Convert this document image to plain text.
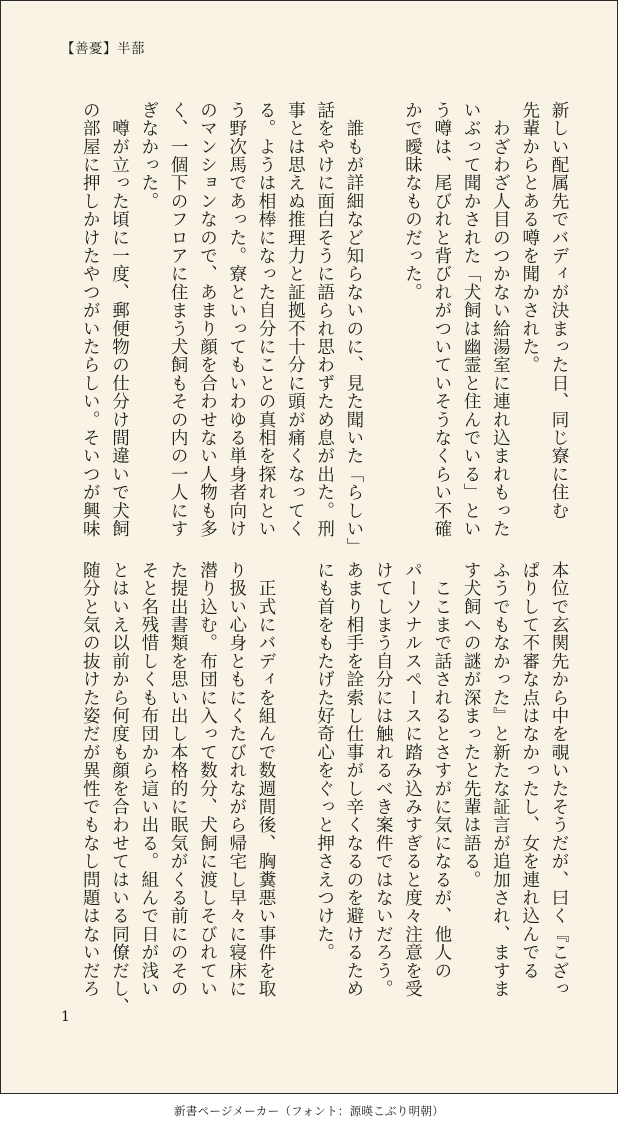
【善憂】半蔀
新しい配属先でバディが決まった日、同じ寮に住む
先輩からとある噂を聞かされた。
　わざわざ人目のつかない給湯室に連れ込まれもった
いぶって聞かされた「犬飼は幽霊と住んでいる」とい
う噂は、尾びれと背びれがついていそうなくらい不確
かで曖昧なものだった。

　誰もが詳細など知らないのに、見た聞いた「らしい」
話をやけに面白そうに語られ思わずため息が出た。刑
事とは思えぬ推理力と証拠不十分に頭が痛くなってく
る。ようは相棒になった自分にことの真相を探れとい
う野次馬であった。寮といってもいわゆる単身者向け
のマンションなので、あまり顔を合わせない人物も多
く、一個下のフロアに住まう犬飼もその内の一人にす
ぎなかった。
　噂が立った頃に一度、郵便物の仕分け間違いで犬飼
の部屋に押しかけたやつがいたらしい。そいつが興味
本位で玄関先から中を覗いたそうだが、曰く『こざっ
ぱりして不審な点はなかったし、女を連れ込んでる
ふうでもなかった』と新たな証言が追加され、ますま
す犬飼への謎が深まったと先輩は語る。
　ここまで話されるとさすがに気になるが、他人の
パーソナルスペースに踏み込みすぎると度々注意を受
けてしまう自分には触れるべき案件ではないだろう。
あまり相手を詮索し仕事がし辛くなるのを避けるため
にも首をもたげた好奇心をぐっと押さえつけた。

　正式にバディを組んで数週間後、胸糞悪い事件を取
り扱い心身ともにくたびれながら帰宅し早々に寝床に
潜り込む。布団に入って数分、犬飼に渡しそびれてい
た提出書類を思い出し本格的に眠気がくる前にのその
そと名残惜しくも布団から這い出る。組んで日が浅い
とはいえ以前から何度も顔を合わせてはいる同僚だし、
随分と気の抜けた姿だが異性でもなし問題はないだろ
1
新書ページメーカー（フォント：源暎こぶり明朝）
